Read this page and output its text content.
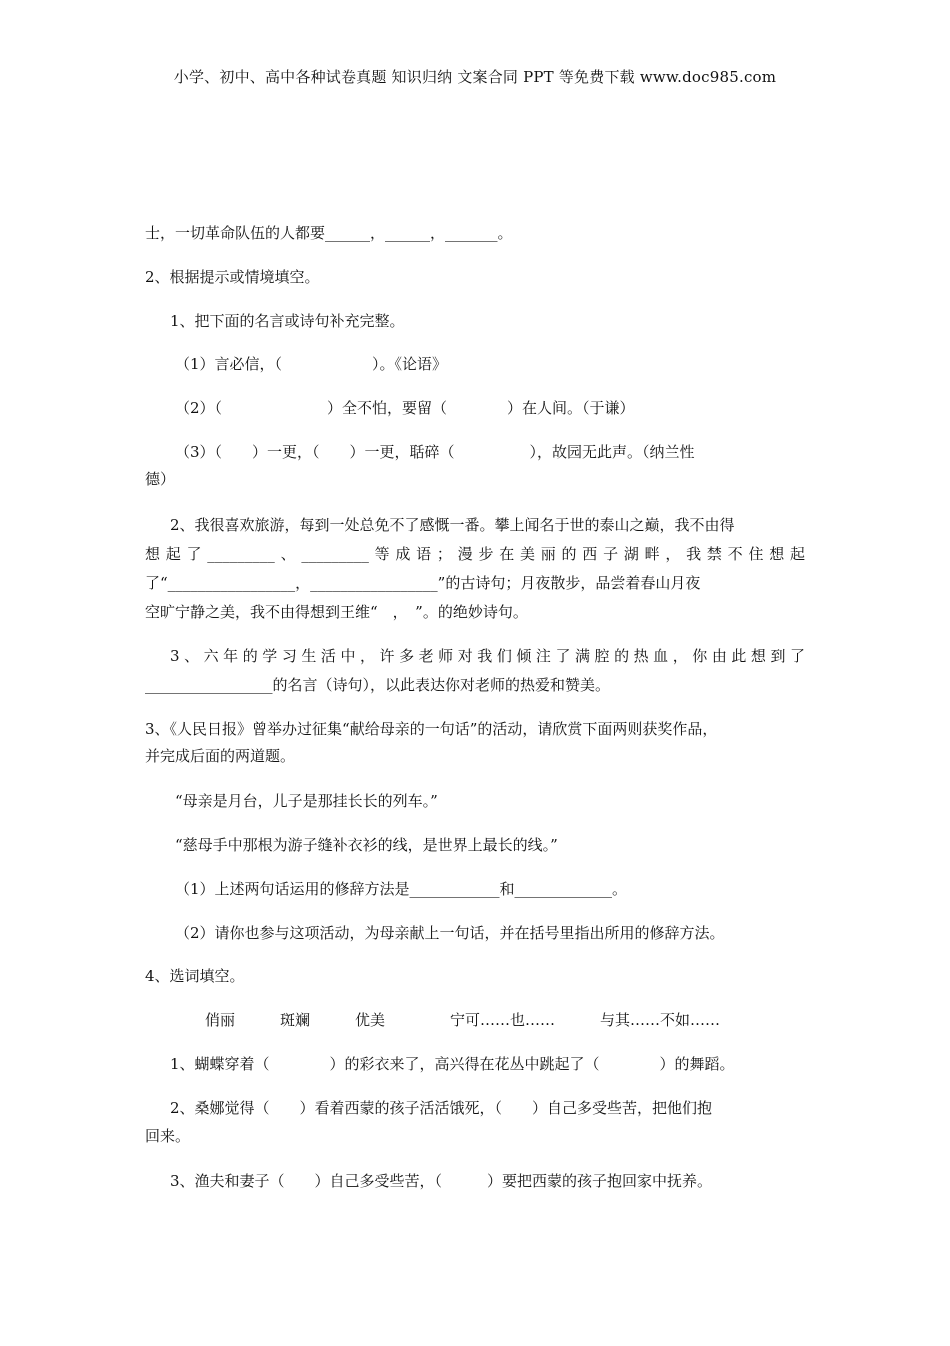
小学、初中、高中各种试卷真题 知识归纳 文案合同 PPT 等免费下载 www.doc985.com
士，一切革命队伍的人都要______，______，_______。
2、根据提示或情境填空。
1、把下面的名言或诗句补充完整。
（1）言必信，（　　　　　　）。《论语》
（2）（　　　　　　　）全不怕，要留（　　　　）在人间。（于谦）
（3）（　　）一更，（　　）一更，聒碎（　　　　　），故园无此声。（纳兰性
德）
2、我很喜欢旅游，每到一处总免不了感慨一番。攀上闻名于世的泰山之巅，我不由得
想起了_________、_________等成语；漫步在美丽的西子湖畔，我禁不住想起
了“_________________，_________________”的古诗句；月夜散步，品尝着春山月夜
空旷宁静之美，我不由得想到王维“　，　”。的绝妙诗句。
3、六年的学习生活中，许多老师对我们倾注了满腔的热血，你由此想到了
_________________的名言（诗句），以此表达你对老师的热爱和赞美。
3、《人民日报》曾举办过征集“献给母亲的一句话”的活动，请欣赏下面两则获奖作品，
并完成后面的两道题。
“母亲是月台，儿子是那挂长长的列车。”
“慈母手中那根为游子缝补衣衫的线，是世界上最长的线。”
（1）上述两句话运用的修辞方法是____________和_____________。
（2）请你也参与这项活动，为母亲献上一句话，并在括号里指出所用的修辞方法。
4、选词填空。
俏丽	斑斓	优美	宁可……也……	与其……不如……
1、蝴蝶穿着（　　　　）的彩衣来了，高兴得在花丛中跳起了（　　　　）的舞蹈。
2、桑娜觉得（　　）看着西蒙的孩子活活饿死，（　　）自己多受些苦，把他们抱
回来。
3、渔夫和妻子（　　）自己多受些苦，（　　　）要把西蒙的孩子抱回家中抚养。
